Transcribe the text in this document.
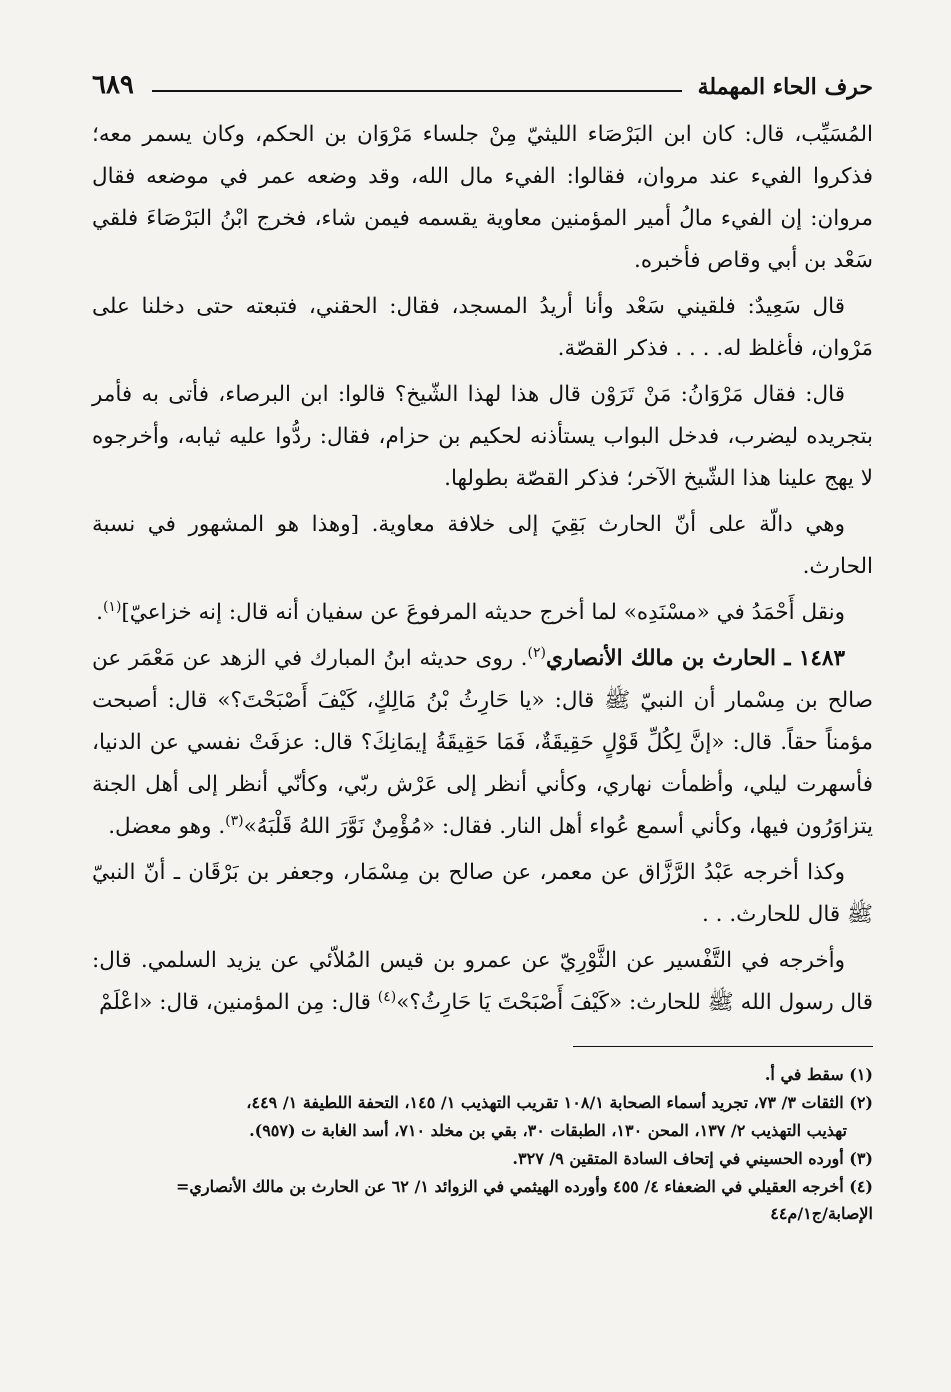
حرف الحاء المهملة
٦٨٩

المُسَيِّب، قال: كان ابن البَرْصَاء الليثيّ مِنْ جلساء مَرْوَان بن الحكم، وكان يسمر معه؛ فذكروا الفيء عند مروان، فقالوا: الفيء مال الله، وقد وضعه عمر في موضعه فقال مروان: إن الفيء مالُ أمير المؤمنين معاوية يقسمه فيمن شاء، فخرج ابْنُ البَرْصَاءَ فلقي سَعْد بن أبي وقاص فأخبره.

قال سَعِيدٌ: فلقيني سَعْد وأنا أريدُ المسجد، فقال: الحقني، فتبعته حتى دخلنا على مَرْوان، فأغلظ له. . . . فذكر القصّة.

قال: فقال مَرْوَانُ: مَنْ تَرَوْن قال هذا لهذا الشّيخ؟ قالوا: ابن البرصاء، فأتى به فأمر بتجريده ليضرب، فدخل البواب يستأذنه لحكيم بن حزام، فقال: ردُّوا عليه ثيابه، وأخرجوه لا يهج علينا هذا الشّيخ الآخر؛ فذكر القصّة بطولها.

وهي دالّة على أنّ الحارث بَقِيَ إلى خلافة معاوية. [وهذا هو المشهور في نسبة الحارث.

ونقل أَحْمَدُ في «مسْنَدِه» لما أخرج حديثه المرفوعَ عن سفيان أنه قال: إنه خزاعيّ]$^{(١)}$.

١٤٨٣ ـ الحارث بن مالك الأنصاري$^{(٢)}$. روى حديثه ابنُ المبارك في الزهد عن مَعْمَر عن صالح بن مِسْمار أن النبيّ ﷺ قال: «يا حَارِثُ بْنُ مَالِكٍ، كَيْفَ أَصْبَحْتَ؟» قال: أصبحت مؤمناً حقاً. قال: «إنَّ لِكُلِّ قَوْلٍ حَقِيقَةٌ، فَمَا حَقِيقَةُ إيمَانِكَ؟ قال: عزفَتْ نفسي عن الدنيا، فأسهرت ليلي، وأظمأت نهاري، وكأني أنظر إلى عَرْش ربّي، وكأنّي أنظر إلى أهل الجنة يتزاوَرُون فيها، وكأني أسمع عُواء أهل النار. فقال: «مُؤْمِنٌ نَوَّرَ اللهُ قَلْبَهُ»$^{(٣)}$. وهو معضل.

وكذا أخرجه عَبْدُ الرَّزَّاق عن معمر، عن صالح بن مِسْمَار، وجعفر بن بَرْقَان ـ أنّ النبيّ ﷺ قال للحارث. . .

وأخرجه في التَّفْسير عن الثَّوْرِيّ عن عمرو بن قيس المُلاّئي عن يزيد السلمي. قال: قال رسول الله ﷺ للحارث: «كَيْفَ أَصْبَحْتَ يَا حَارِثُ؟»$^{(٤)}$ قال: مِن المؤمنين، قال: «اعْلَمْ

(١) سقط في أ.

(٢) الثقات ٣/ ٧٣، تجريد أسماء الصحابة ١٠٨/١ تقريب التهذيب ١/ ١٤٥، التحفة اللطيفة ١/ ٤٤٩،

تهذيب التهذيب ٢/ ١٣٧، المحن ١٣٠، الطبقات ٣٠، بقي بن مخلد ٧١٠، أسد الغابة ت (٩٥٧).

(٣) أورده الحسيني في إتحاف السادة المتقين ٩/ ٣٢٧.

(٤) أخرجه العقيلي في الضعفاء ٤/ ٤٥٥ وأورده الهيثمي في الزوائد ١/ ٦٢ عن الحارث بن مالك الأنصاري=

الإصابة/ج١/م٤٤
